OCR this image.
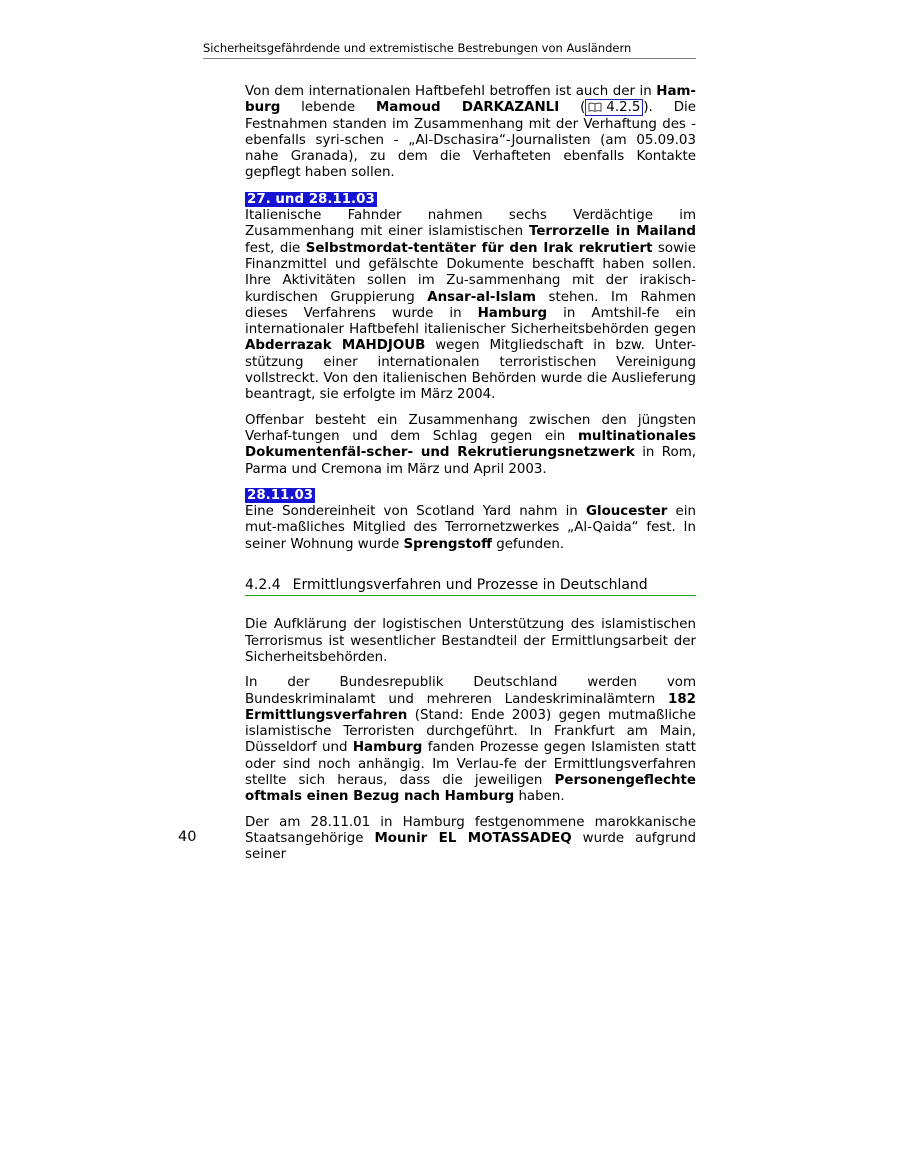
Sicherheitsgefährdende und extremistische Bestrebungen von Ausländern

Von dem internationalen Haftbefehl betroffen ist auch der in Ham-burg lebende Mamoud DARKAZANLI ( 4.2.5 ). Die Festnahmen standen im Zusammenhang mit der Verhaftung des - ebenfalls syri-schen - „Al-Dschasira“-Journalisten (am 05.09.03 nahe Granada), zu dem die Verhafteten ebenfalls Kontakte gepflegt haben sollen.

27. und 28.11.03

Italienische Fahnder nahmen sechs Verdächtige im Zusammenhang mit einer islamistischen Terrorzelle in Mailand fest, die Selbstmordat-tentäter für den Irak rekrutiert sowie Finanzmittel und gefälschte Dokumente beschafft haben sollen. Ihre Aktivitäten sollen im Zu-sammenhang mit der irakisch-kurdischen Gruppierung Ansar-al-Islam stehen. Im Rahmen dieses Verfahrens wurde in Hamburg in Amtshil-fe ein internationaler Haftbefehl italienischer Sicherheitsbehörden gegen Abderrazak MAHDJOUB wegen Mitgliedschaft in bzw. Unter-stützung einer internationalen terroristischen Vereinigung vollstreckt. Von den italienischen Behörden wurde die Auslieferung beantragt, sie erfolgte im März 2004.

Offenbar besteht ein Zusammenhang zwischen den jüngsten Verhaf-tungen und dem Schlag gegen ein multinationales Dokumentenfäl-scher- und Rekrutierungsnetzwerk in Rom, Parma und Cremona im März und April 2003.

28.11.03

Eine Sondereinheit von Scotland Yard nahm in Gloucester ein mut-maßliches Mitglied des Terrornetzwerkes „Al-Qaida“ fest. In seiner Wohnung wurde Sprengstoff gefunden.

4.2.4 Ermittlungsverfahren und Prozesse in Deutschland

Die Aufklärung der logistischen Unterstützung des islamistischen Terrorismus ist wesentlicher Bestandteil der Ermittlungsarbeit der Sicherheitsbehörden.

In der Bundesrepublik Deutschland werden vom Bundeskriminalamt und mehreren Landeskriminalämtern 182 Ermittlungsverfahren (Stand: Ende 2003) gegen mutmaßliche islamistische Terroristen durchgeführt. In Frankfurt am Main, Düsseldorf und Hamburg fanden Prozesse gegen Islamisten statt oder sind noch anhängig. Im Verlau-fe der Ermittlungsverfahren stellte sich heraus, dass die jeweiligen Personengeflechte oftmals einen Bezug nach Hamburg haben.

Der am 28.11.01 in Hamburg festgenommene marokkanische Staatsangehörige Mounir EL MOTASSADEQ wurde aufgrund seiner

40
